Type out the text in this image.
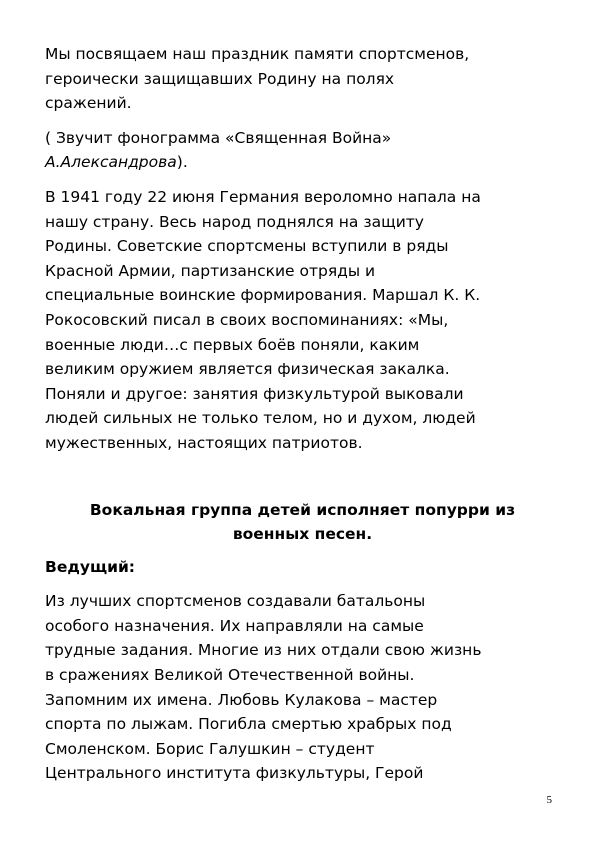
Мы посвящаем наш праздник памяти спортсменов,
героически защищавших Родину на полях
сражений.

( Звучит фонограмма «Священная Война»
А.Александрова).

В 1941 году 22 июня Германия вероломно напала на
нашу страну. Весь народ поднялся на защиту
Родины. Советские спортсмены вступили в ряды
Красной Армии, партизанские отряды и
специальные воинские формирования. Маршал К. К.
Рокосовский писал в своих воспоминаниях: «Мы,
военные люди…с первых боёв поняли, каким
великим оружием является физическая закалка.
Поняли и другое: занятия физкультурой выковали
людей сильных не только телом, но и духом, людей
мужественных, настоящих патриотов.

Вокальная группа детей исполняет попурри из
военных песен.

Ведущий:

Из лучших спортсменов создавали батальоны
особого назначения. Их направляли на самые
трудные задания. Многие из них отдали свою жизнь
в сражениях Великой Отечественной войны.
Запомним их имена. Любовь Кулакова – мастер
спорта по лыжам. Погибла смертью храбрых под
Смоленском. Борис Галушкин – студент
Центрального института физкультуры, Герой

5
